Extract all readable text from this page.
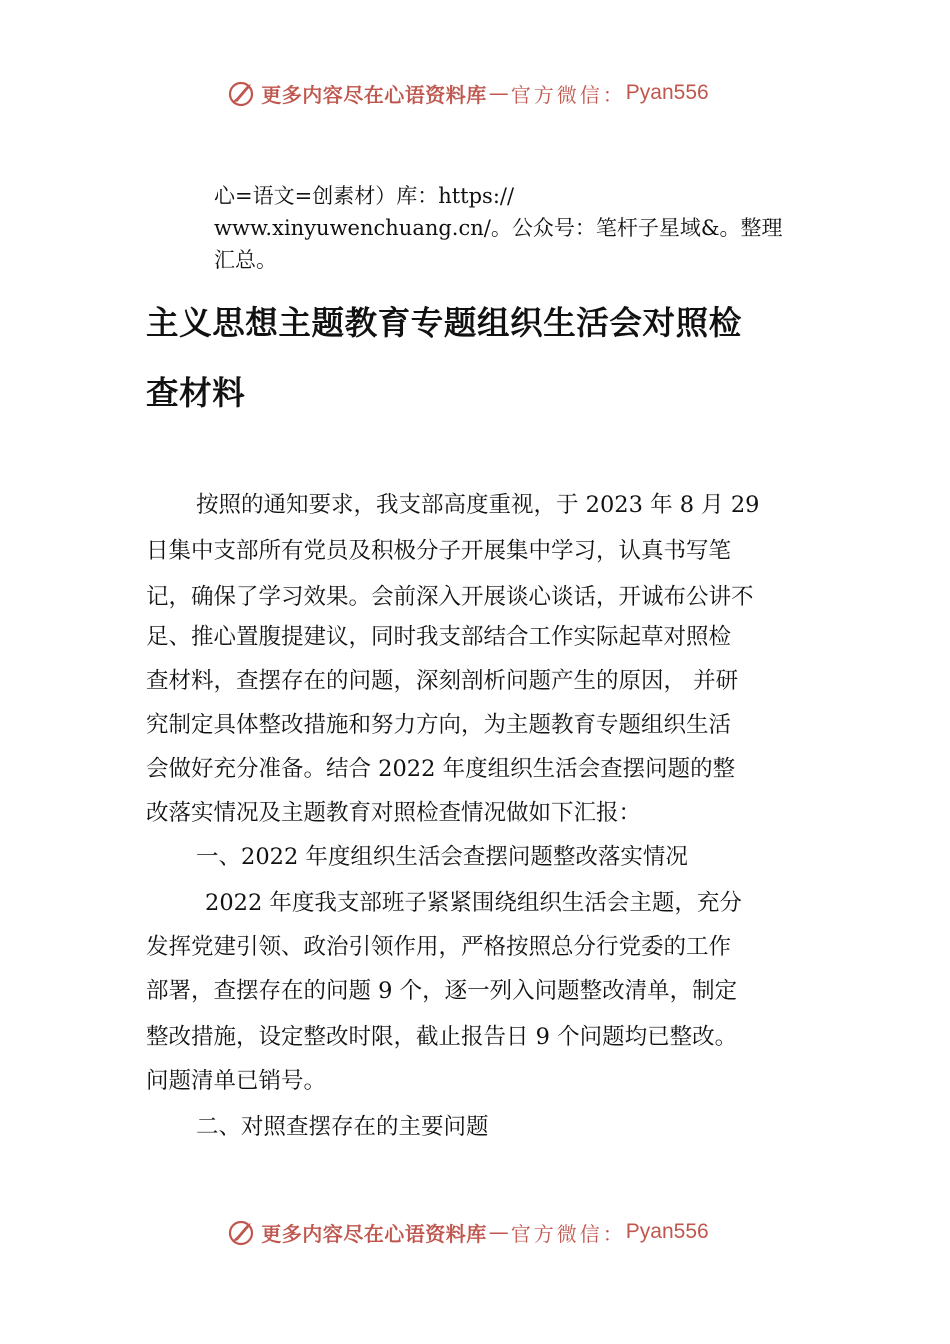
更多内容尽在心语资料库 — 官方微信： Pyan556
心=语文=创素材）库：https://
www.xinyuwenchuang.cn/。公众号：笔杆子星域&。整理
汇总。
主义思想主题教育专题组织生活会对照检
查材料
按照的通知要求，我支部高度重视，于 2023 年 8 月 29
日集中支部所有党员及积极分子开展集中学习，认真书写笔
记，确保了学习效果。会前深入开展谈心谈话，开诚布公讲不
足、推心置腹提建议，同时我支部结合工作实际起草对照检
查材料，查摆存在的问题，深刻剖析问题产生的原因， 并研
究制定具体整改措施和努力方向，为主题教育专题组织生活
会做好充分准备。结合 2022 年度组织生活会查摆问题的整
改落实情况及主题教育对照检查情况做如下汇报：
一、2022 年度组织生活会查摆问题整改落实情况
2022 年度我支部班子紧紧围绕组织生活会主题，充分
发挥党建引领、政治引领作用，严格按照总分行党委的工作
部署，查摆存在的问题 9 个，逐一列入问题整改清单，制定
整改措施，设定整改时限，截止报告日 9 个问题均已整改。
问题清单已销号。
二、对照查摆存在的主要问题
更多内容尽在心语资料库 — 官方微信： Pyan556
